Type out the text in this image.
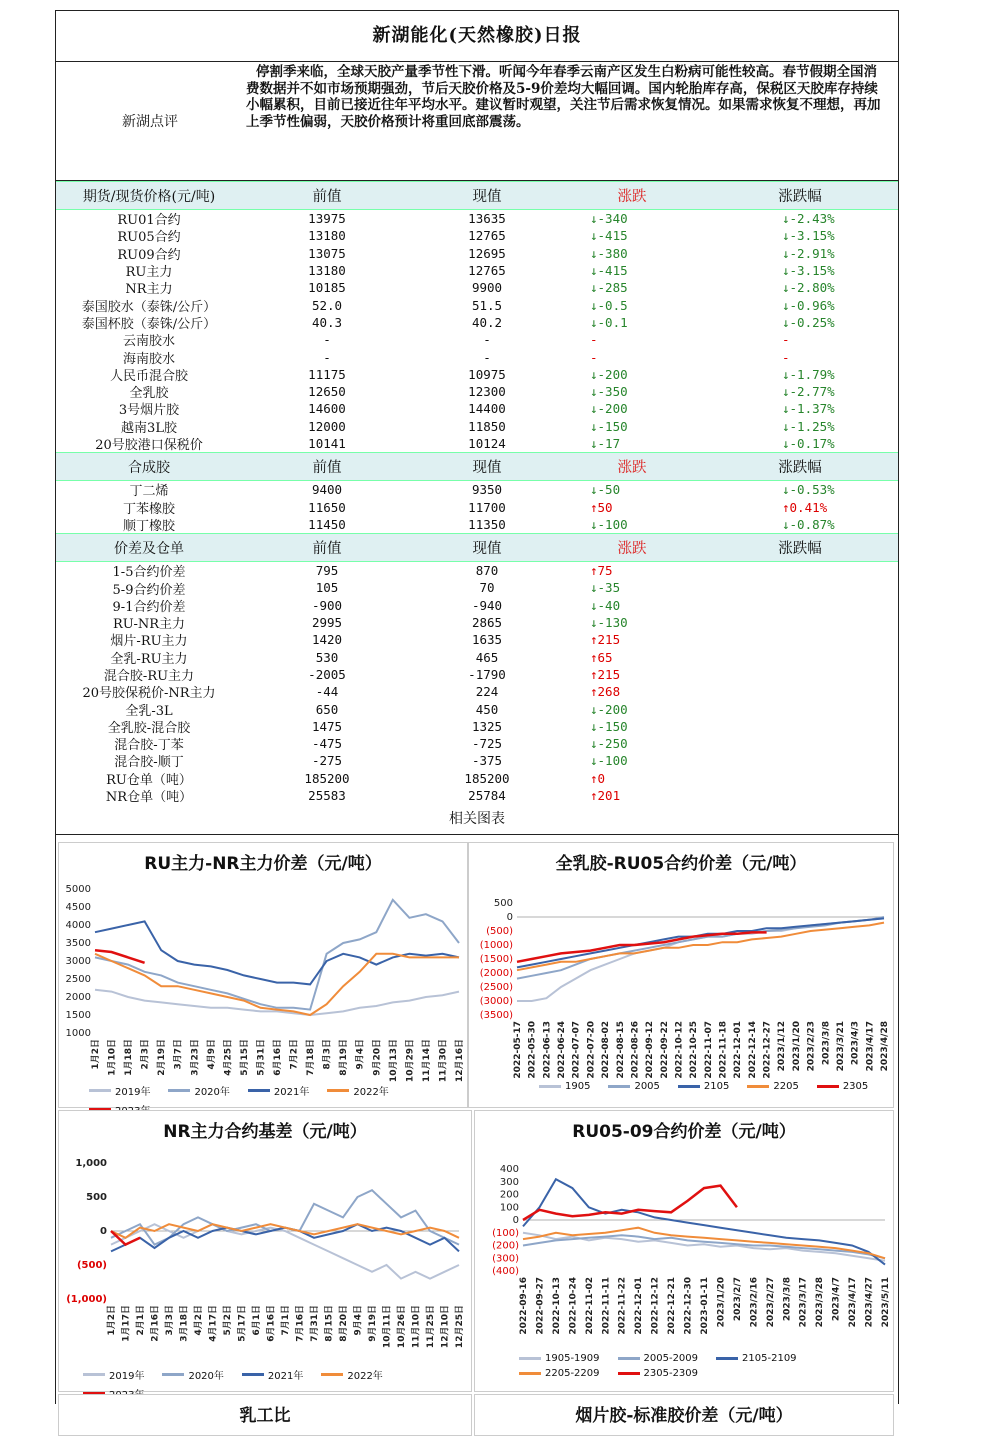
新湖能化(天然橡胶)日报
新湖点评
停割季来临，全球天胶产量季节性下滑。听闻今年春季云南产区发生白粉病可能性较高。春节假期全国消费数据并不如市场预期强劲，节后天胶价格及5-9价差均大幅回调。国内轮胎库存高，保税区天胶库存持续小幅累积，目前已接近往年平均水平。建议暂时观望，关注节后需求恢复情况。如果需求恢复不理想，再加上季节性偏弱，天胶价格预计将重回底部震荡。
期货/现货价格(元/吨)	前值	现值	涨跌	涨跌幅
RU01合约	13975	13635	↓-340	↓-2.43%
RU05合约	13180	12765	↓-415	↓-3.15%
RU09合约	13075	12695	↓-380	↓-2.91%
RU主力	13180	12765	↓-415	↓-3.15%
NR主力	10185	9900	↓-285	↓-2.80%
泰国胶水（泰铢/公斤）	52.0	51.5	↓-0.5	↓-0.96%
泰国杯胶（泰铢/公斤）	40.3	40.2	↓-0.1	↓-0.25%
云南胶水	-	-	-	-
海南胶水	-	-	-	-
人民币混合胶	11175	10975	↓-200	↓-1.79%
全乳胶	12650	12300	↓-350	↓-2.77%
3号烟片胶	14600	14400	↓-200	↓-1.37%
越南3L胶	12000	11850	↓-150	↓-1.25%
20号胶港口保税价	10141	10124	↓-17	↓-0.17%
合成胶	前值	现值	涨跌	涨跌幅
丁二烯	9400	9350	↓-50	↓-0.53%
丁苯橡胶	11650	11700	↑50	↑0.41%
顺丁橡胶	11450	11350	↓-100	↓-0.87%
价差及仓单	前值	现值	涨跌	涨跌幅
1-5合约价差	795	870	↑75
5-9合约价差	105	70	↓-35
9-1合约价差	-900	-940	↓-40
RU-NR主力	2995	2865	↓-130
烟片-RU主力	1420	1635	↑215
全乳-RU主力	530	465	↑65
混合胶-RU主力	-2005	-1790	↑215
20号胶保税价-NR主力	-44	224	↑268
全乳-3L	650	450	↓-200
全乳胶-混合胶	1475	1325	↓-150
混合胶-丁苯	-475	-725	↓-250
混合胶-顺丁	-275	-375	↓-100
RU仓单（吨）	185200	185200	↑0
NR仓单（吨）	25583	25784	↑201
相关图表
5000
4500
4000
3500
3000
2500
2000
1500
1000
1月2日 1月10日 1月18日 2月3日 2月19日 3月7日 3月23日 4月9日 4月25日 5月15日 5月31日 6月16日 7月2日 7月18日 8月3日 8月19日 9月4日 9月20日 10月13日 10月29日 11月14日 11月30日 12月16日
RU主力-NR主力价差（元/吨）
2019年	2020年	2021年	2022年
500
0
(500)
(1000)
(1500)
(2000)
(2500)
(3000)
(3500)
2022-05-17 2022-05-30 2022-06-13 2022-06-24 2022-07-07 2022-07-20 2022-08-02 2022-08-15 2022-08-26 2022-09-12 2022-09-22 2022-10-12 2022-10-25 2022-11-07 2022-11-18 2022-12-01 2022-12-14 2022-12-27 2023/1/12 2023/1/20 2023/2/23 2023/3/8 2023/3/21 2023/4/3 2023/4/17 2023/4/28
全乳胶-RU05合约价差（元/吨）
1905	2005	2105	2205	2305
1,000
500
0
(500)
(1,000)
1月2日 1月17日 2月1日 2月16日 3月3日 3月18日 4月2日 4月17日 5月2日 5月17日 6月1日 6月16日 7月1日 7月16日 7月31日 8月15日 8月20日 9月4日 9月19日 10月11日 10月26日 11月10日 11月25日 12月10日 12月25日
NR主力合约基差（元/吨）
2019年	2020年	2021年	2022年
400
300
200
100
0
(100)
(200)
(300)
(400)
2022-09-16 2022-09-27 2022-10-13 2022-10-24 2022-11-02 2022-11-11 2022-11-22 2022-12-01 2022-12-12 2022-12-21 2022-12-30 2023-01-11 2023/1/20 2023/2/7 2023/2/16 2023/2/27 2023/3/8 2023/3/17 2023/3/28 2023/4/7 2023/4/17 2023/4/27 2023/5/11
RU05-09合约价差（元/吨）
1905-1909	2005-2009	2105-2109
2205-2209	2305-2309
乳工比	烟片胶-标准胶价差（元/吨）
